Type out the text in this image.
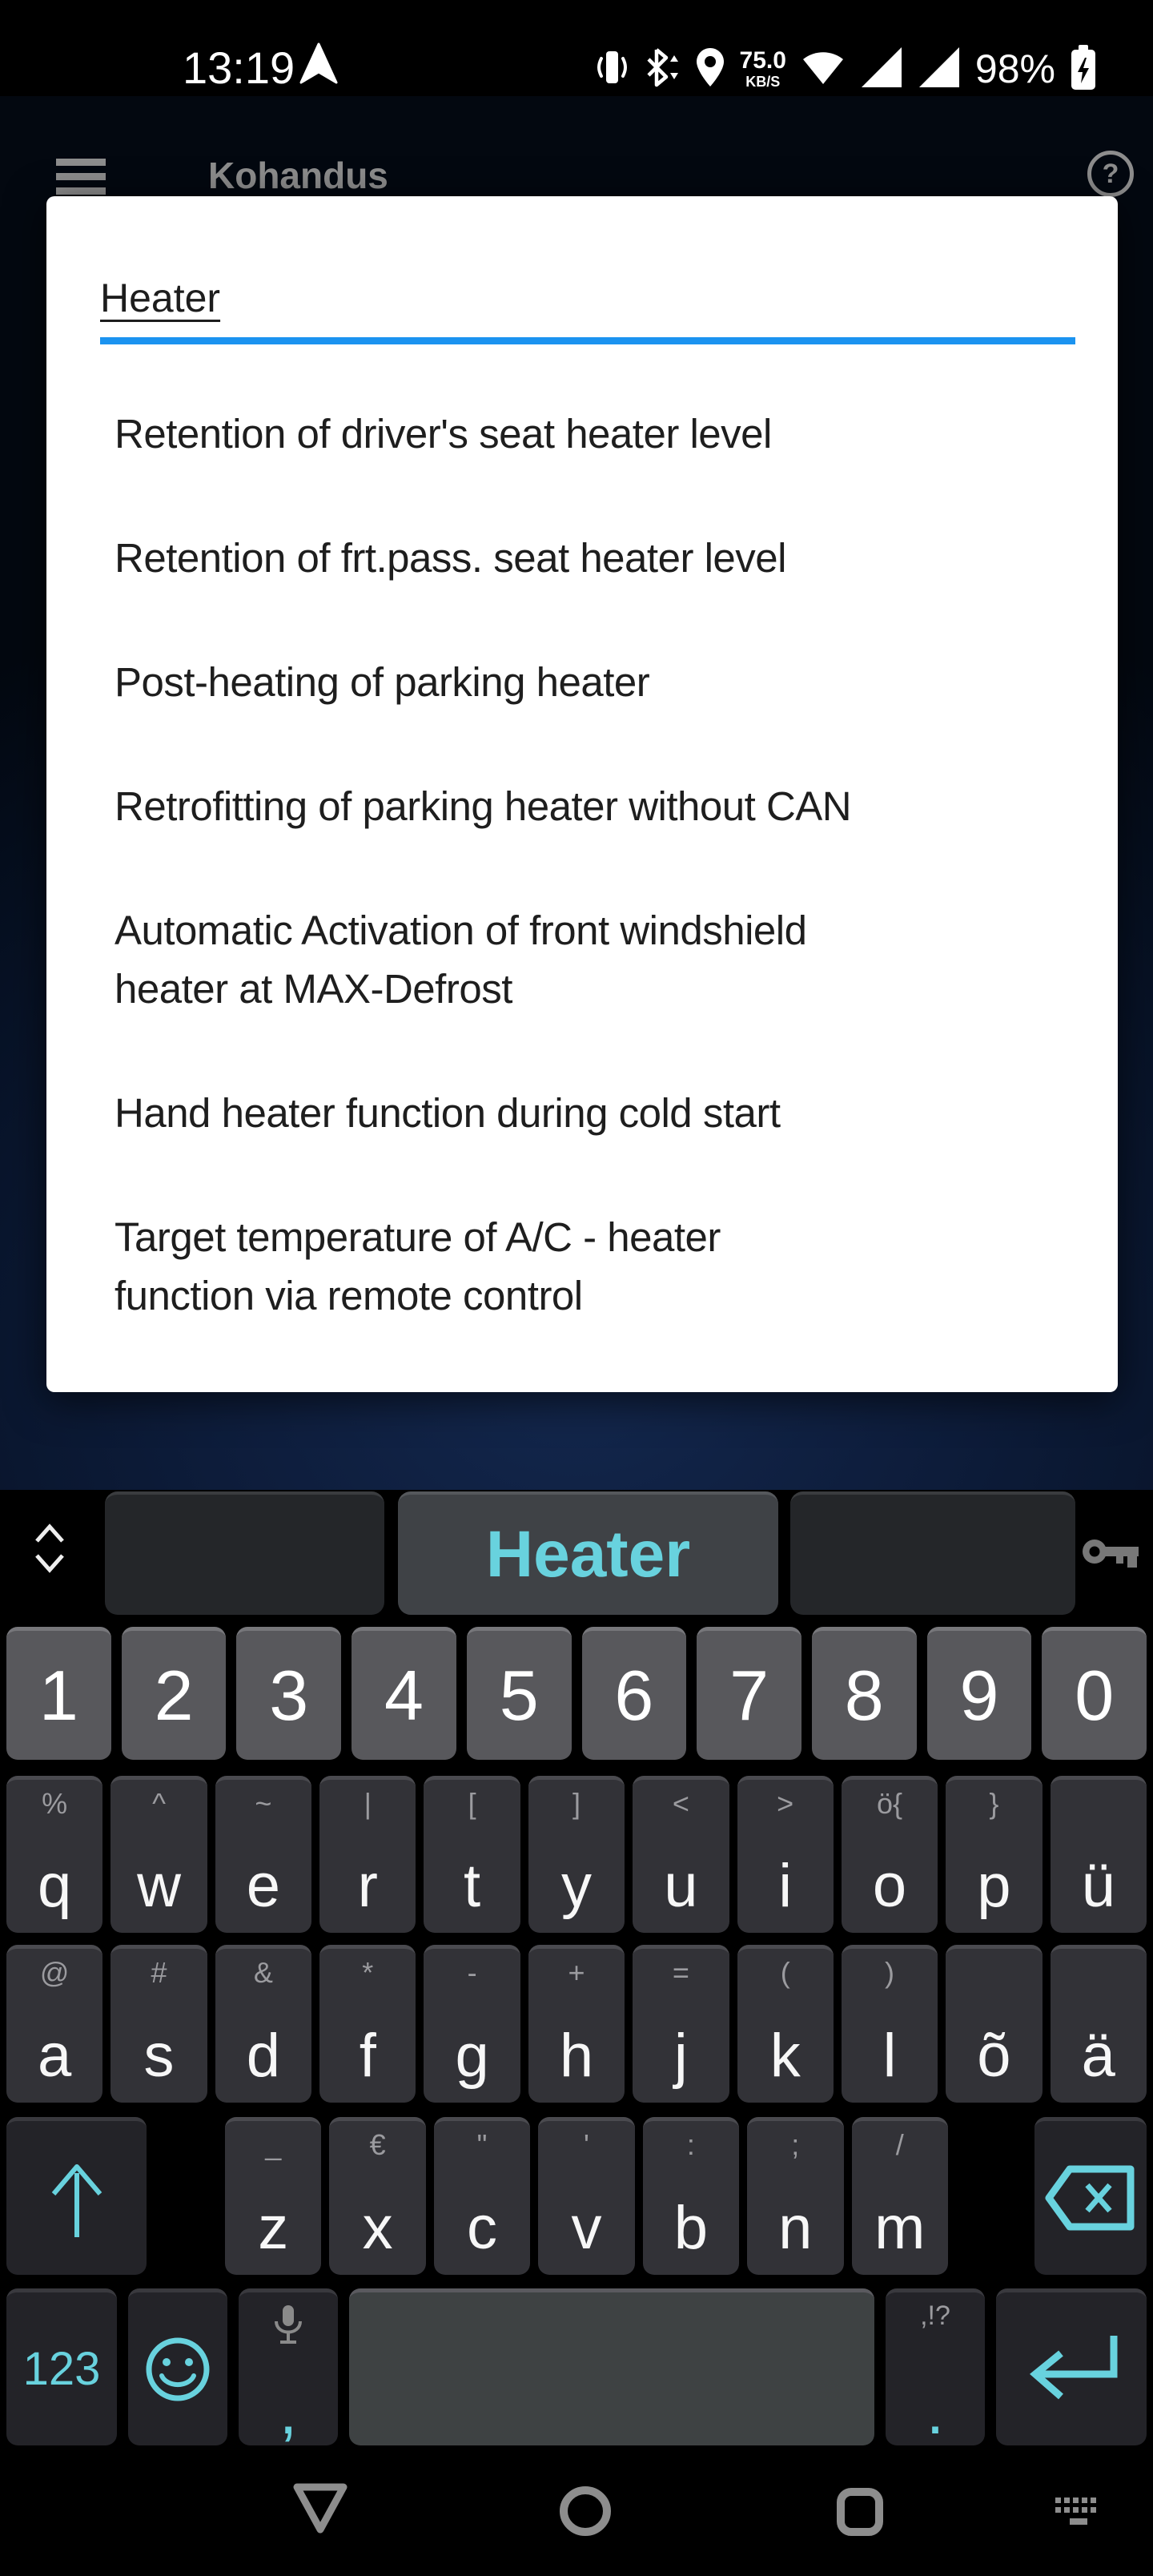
13:19	75.0
KB/S	98%
Kohandus	?
Heater
Retention of driver's seat heater level
Retention of frt.pass. seat heater level
Post-heating of parking heater
Retrofitting of parking heater without CAN
Automatic Activation of front windshield
heater at MAX-Defrost
Hand heater function during cold start
Target temperature of A/C - heater
function via remote control
Heater
1 2 3 4 5 6 7 8 9 0
%
q
^
w
~
e
|
r
[
t
]
y
<
u
>
i
ö{
o
}
p ü
@
a
#
s
&
d
*
f
-
g
+
h
=
j
(
k
)
l õ ä
_
z
€
x
"
c
'
v
:
b
;
n
/
m
123
,
,!?
.
